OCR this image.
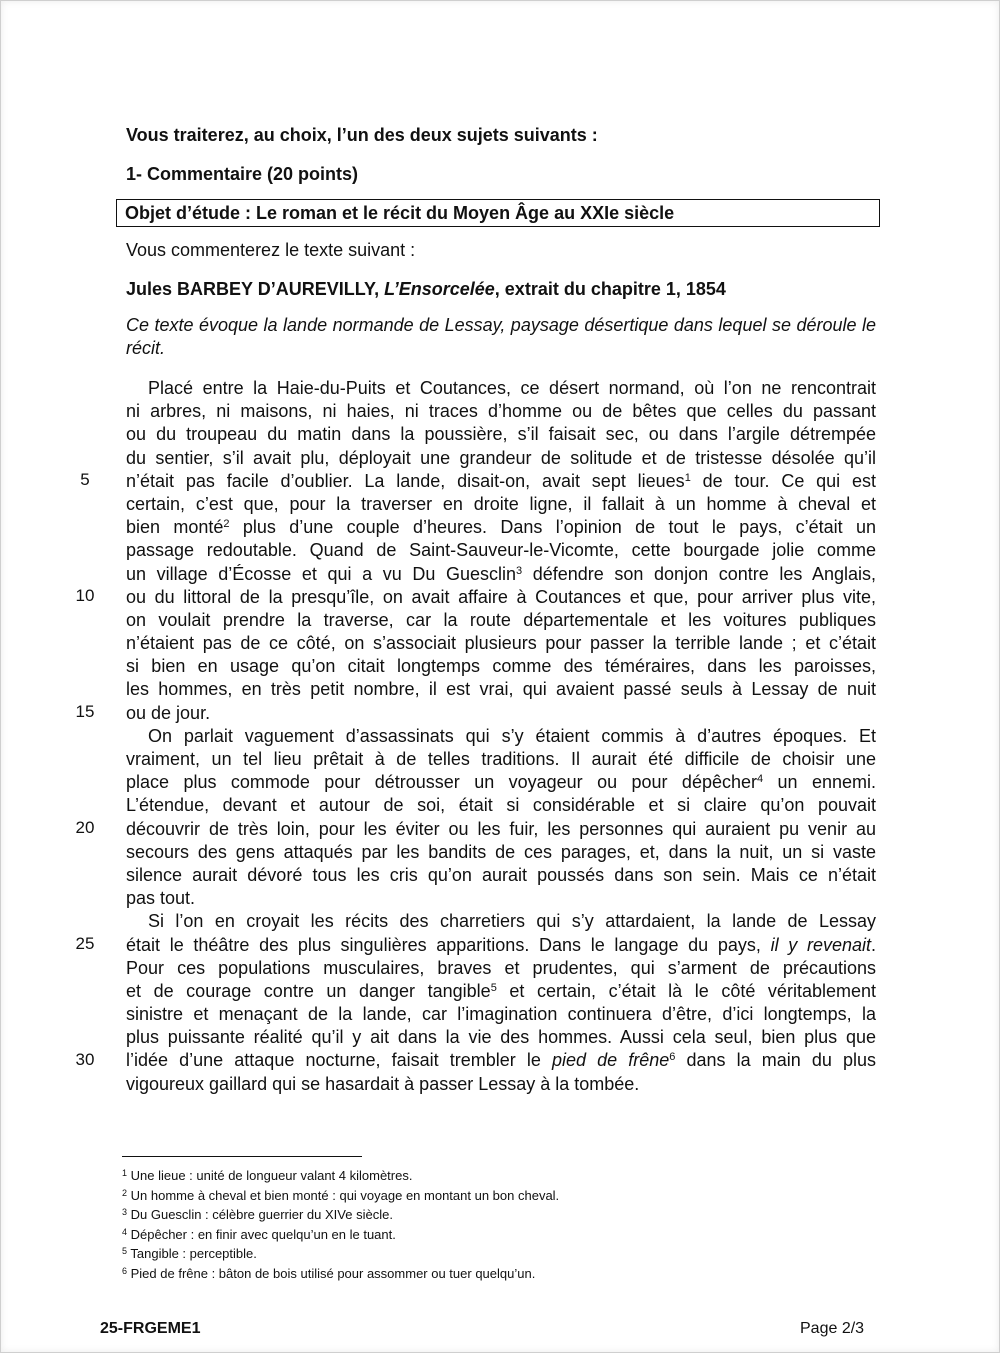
Vous traiterez, au choix, l’un des deux sujets suivants :
1- Commentaire (20 points)
Objet d’étude : Le roman et le récit du Moyen Âge au XXIe siècle
Vous commenterez le texte suivant :
Jules BARBEY D’AUREVILLY, L’Ensorcelée, extrait du chapitre 1, 1854
Ce texte évoque la lande normande de Lessay, paysage désertique dans lequel se déroule le récit.
5
10
15
20
25
30
Placé entre la Haie-du-Puits et Coutances, ce désert normand, où l’on ne rencontrait
ni arbres, ni maisons, ni haies, ni traces d’homme ou de bêtes que celles du passant
ou du troupeau du matin dans la poussière, s’il faisait sec, ou dans l’argile détrempée
du sentier, s’il avait plu, déployait une grandeur de solitude et de tristesse désolée qu’il
n’était pas facile d’oublier. La lande, disait-on, avait sept lieues$^1$ de tour. Ce qui est
certain, c’est que, pour la traverser en droite ligne, il fallait à un homme à cheval et
bien monté$^2$ plus d’une couple d’heures. Dans l’opinion de tout le pays, c’était un
passage redoutable. Quand de Saint-Sauveur-le-Vicomte, cette bourgade jolie comme
un village d’Écosse et qui a vu Du Guesclin$^3$ défendre son donjon contre les Anglais,
ou du littoral de la presqu’île, on avait affaire à Coutances et que, pour arriver plus vite,
on voulait prendre la traverse, car la route départementale et les voitures publiques
n’étaient pas de ce côté, on s’associait plusieurs pour passer la terrible lande ; et c’était
si bien en usage qu’on citait longtemps comme des téméraires, dans les paroisses,
les hommes, en très petit nombre, il est vrai, qui avaient passé seuls à Lessay de nuit
ou de jour.
On parlait vaguement d’assassinats qui s’y étaient commis à d’autres époques. Et
vraiment, un tel lieu prêtait à de telles traditions. Il aurait été difficile de choisir une
place plus commode pour détrousser un voyageur ou pour dépêcher$^4$ un ennemi.
L’étendue, devant et autour de soi, était si considérable et si claire qu’on pouvait
découvrir de très loin, pour les éviter ou les fuir, les personnes qui auraient pu venir au
secours des gens attaqués par les bandits de ces parages, et, dans la nuit, un si vaste
silence aurait dévoré tous les cris qu’on aurait poussés dans son sein. Mais ce n’était
pas tout.
Si l’on en croyait les récits des charretiers qui s’y attardaient, la lande de Lessay
était le théâtre des plus singulières apparitions. Dans le langage du pays, il y revenait.
Pour ces populations musculaires, braves et prudentes, qui s’arment de précautions
et de courage contre un danger tangible$^5$ et certain, c’était là le côté véritablement
sinistre et menaçant de la lande, car l’imagination continuera d’être, d’ici longtemps, la
plus puissante réalité qu’il y ait dans la vie des hommes. Aussi cela seul, bien plus que
l’idée d’une attaque nocturne, faisait trembler le pied de frêne$^6$ dans la main du plus
vigoureux gaillard qui se hasardait à passer Lessay à la tombée.
$^1$ Une lieue : unité de longueur valant 4 kilomètres.
$^2$ Un homme à cheval et bien monté : qui voyage en montant un bon cheval.
$^3$ Du Guesclin : célèbre guerrier du XIVe siècle.
$^4$ Dépêcher : en finir avec quelqu’un en le tuant.
$^5$ Tangible : perceptible.
$^6$ Pied de frêne : bâton de bois utilisé pour assommer ou tuer quelqu’un.
25-FRGEME1	Page 2/3
